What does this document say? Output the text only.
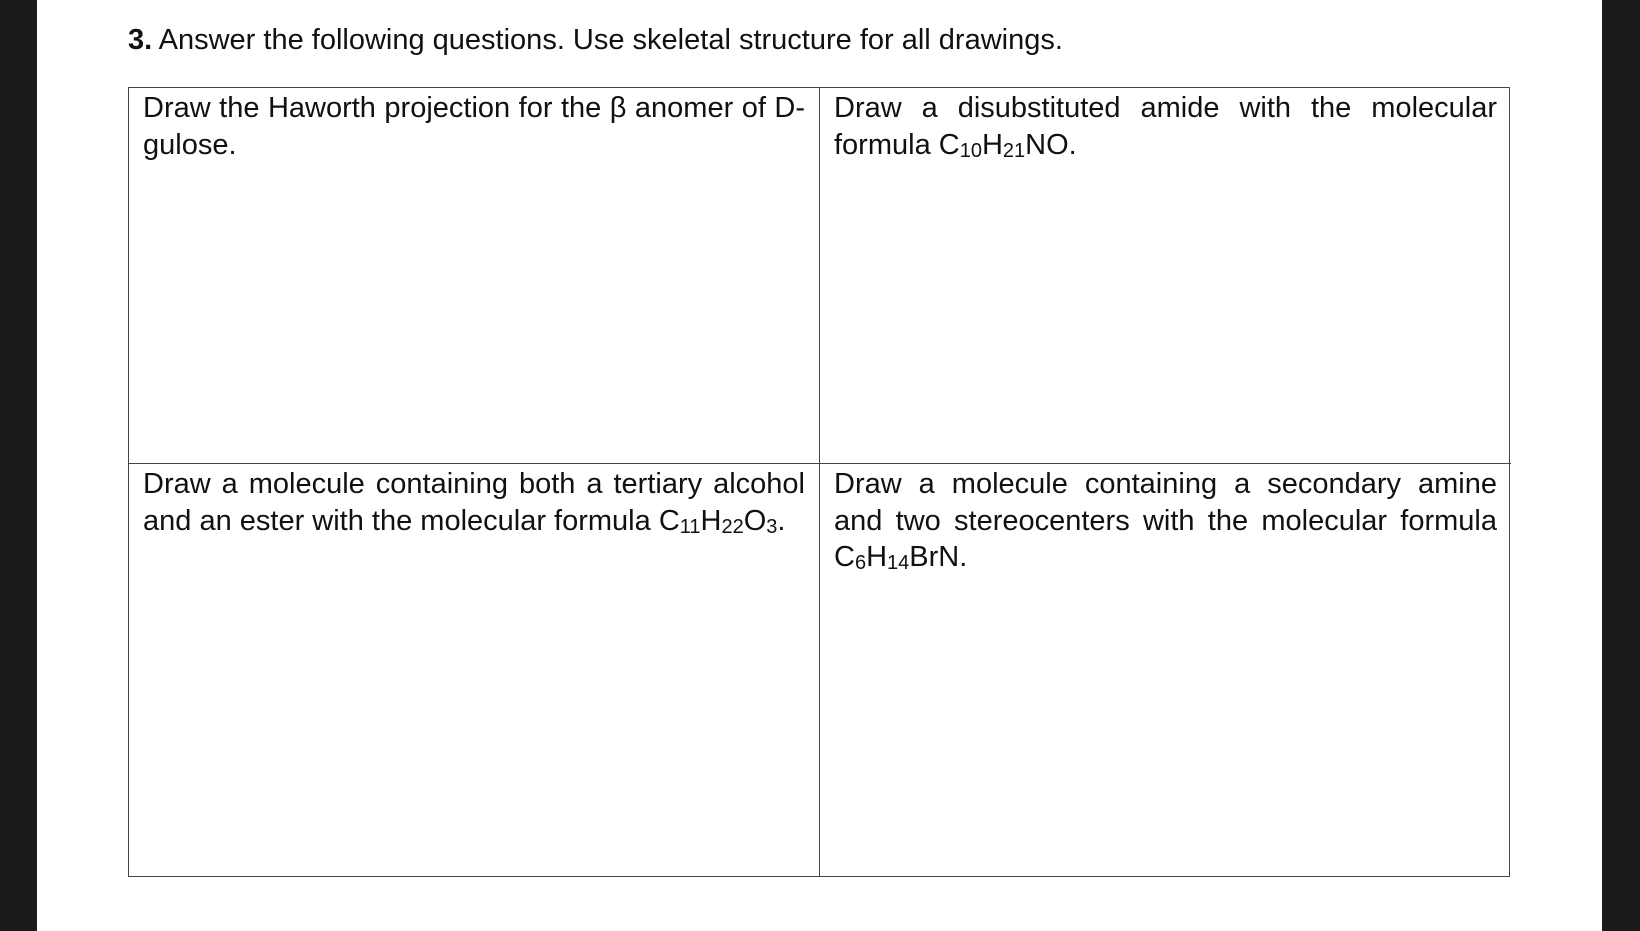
3. Answer the following questions. Use skeletal structure for all drawings.
Draw the Haworth projection for the β anomer of D-gulose.
Draw a disubstituted amide with the molecular formula $C_{10}H_{21}NO$.
Draw a molecule containing both a tertiary alcohol and an ester with the molecular formula $C_{11}H_{22}O_3$.
Draw a molecule containing a secondary amine and two stereocenters with the molecular formula $C_6H_{14}BrN$.
